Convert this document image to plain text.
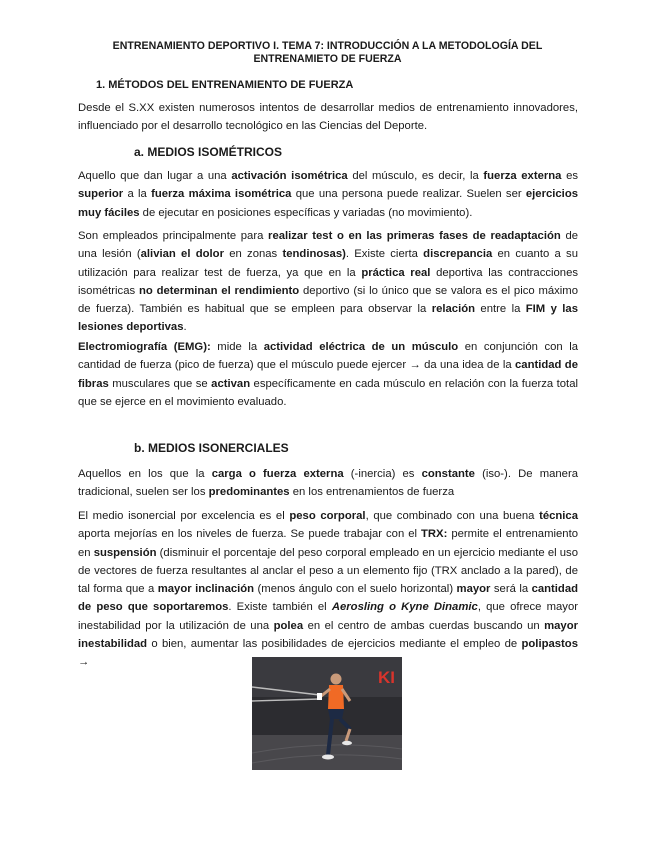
ENTRENAMIENTO DEPORTIVO I. TEMA 7: INTRODUCCIÓN A LA METODOLOGÍA DEL ENTRENAMIETO DE FUERZA
1. MÉTODOS DEL ENTRENAMIENTO DE FUERZA

Desde el S.XX existen numerosos intentos de desarrollar medios de entrenamiento innovadores, influenciado por el desarrollo tecnológico en las Ciencias del Deporte.

a. MEDIOS ISOMÉTRICOS

Aquello que dan lugar a una activación isométrica del músculo, es decir, la fuerza externa es superior a la fuerza máxima isométrica que una persona puede realizar. Suelen ser ejercicios muy fáciles de ejecutar en posiciones específicas y variadas (no movimiento).

Son empleados principalmente para realizar test o en las primeras fases de readaptación de una lesión (alivian el dolor en zonas tendinosas). Existe cierta discrepancia en cuanto a su utilización para realizar test de fuerza, ya que en la práctica real deportiva las contracciones isométricas no determinan el rendimiento deportivo (si lo único que se valora es el pico máximo de fuerza). También es habitual que se empleen para observar la relación entre la FIM y las lesiones deportivas.

Electromiografía (EMG): mide la actividad eléctrica de un músculo en conjunción con la cantidad de fuerza (pico de fuerza) que el músculo puede ejercer → da una idea de la cantidad de fibras musculares que se activan específicamente en cada músculo en relación con la fuerza total que se ejerce en el movimiento evaluado.

b. MEDIOS ISONERCIALES

Aquellos en los que la carga o fuerza externa (-inercia) es constante (iso-). De manera tradicional, suelen ser los predominantes en los entrenamientos de fuerza

El medio isonercial por excelencia es el peso corporal, que combinado con una buena técnica aporta mejorías en los niveles de fuerza. Se puede trabajar con el TRX: permite el entrenamiento en suspensión (disminuir el porcentaje del peso corporal empleado en un ejercicio mediante el uso de vectores de fuerza resultantes al anclar el peso a un elemento fijo (TRX anclado a la pared), de tal forma que a mayor inclinación (menos ángulo con el suelo horizontal) mayor será la cantidad de peso que soportaremos. Existe también el Aerosling o Kyne Dinamic, que ofrece mayor inestabilidad por la utilización de una polea en el centro de ambas cuerdas buscando un mayor inestabilidad o bien, aumentar las posibilidades de ejercicios mediante el empleo de polipastos →

KI
